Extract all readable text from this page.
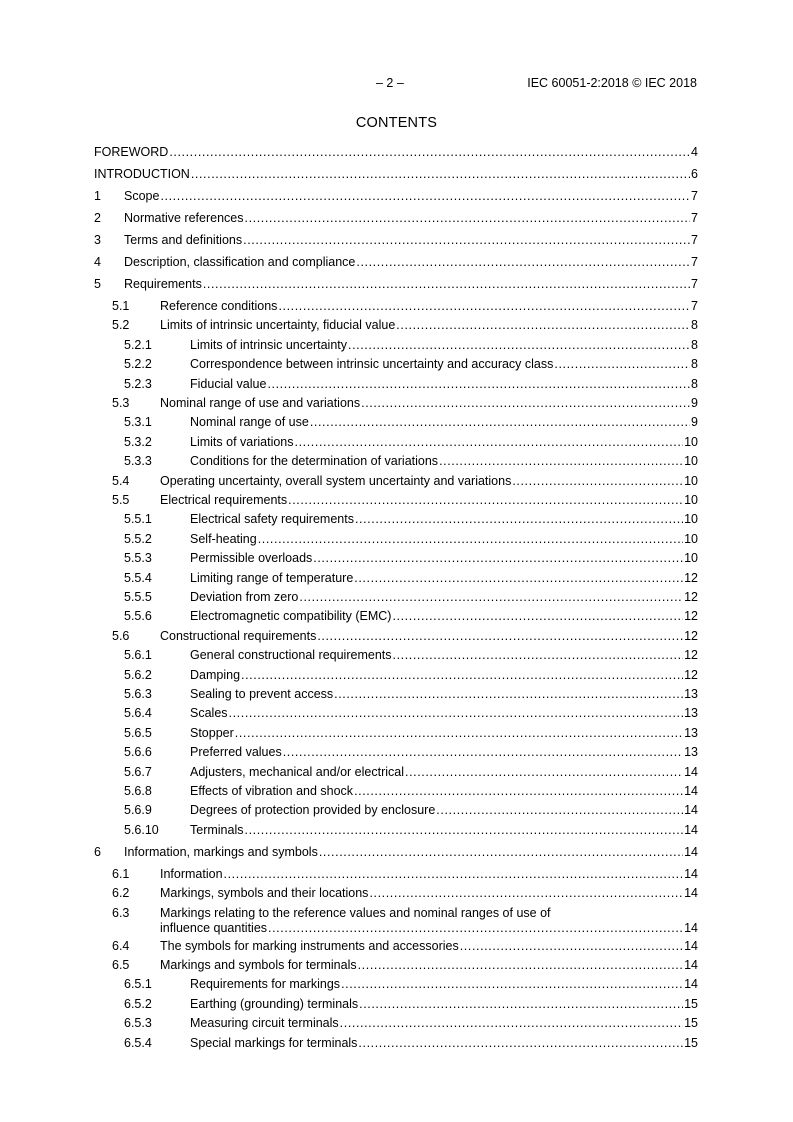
– 2 –	IEC 60051-2:2018 © IEC 2018
CONTENTS
FOREWORD .....	4
INTRODUCTION .....	6
1 Scope .....	7
2 Normative references .....	7
3 Terms and definitions .....	7
4 Description, classification and compliance .....	7
5 Requirements .....	7
5.1 Reference conditions .....	7
5.2 Limits of intrinsic uncertainty, fiducial value .....	8
5.2.1	Limits of intrinsic uncertainty .....	8
5.2.2	Correspondence between intrinsic uncertainty and accuracy class .....	8
5.2.3	Fiducial value .....	8
5.3 Nominal range of use and variations .....	9
5.3.1	Nominal range of use .....	9
5.3.2	Limits of variations .....	10
5.3.3	Conditions for the determination of variations .....	10
5.4 Operating uncertainty, overall system uncertainty and variations .....	10
5.5 Electrical requirements .....	10
5.5.1	Electrical safety requirements .....	10
5.5.2	Self-heating .....	10
5.5.3	Permissible overloads .....	10
5.5.4	Limiting range of temperature .....	12
5.5.5	Deviation from zero .....	12
5.5.6	Electromagnetic compatibility (EMC) .....	12
5.6 Constructional requirements .....	12
5.6.1	General constructional requirements .....	12
5.6.2	Damping .....	12
5.6.3	Sealing to prevent access .....	13
5.6.4	Scales .....	13
5.6.5	Stopper .....	13
5.6.6	Preferred values .....	13
5.6.7	Adjusters, mechanical and/or electrical .....	14
5.6.8	Effects of vibration and shock .....	14
5.6.9	Degrees of protection provided by enclosure .....	14
5.6.10 Terminals .....	14
6 Information, markings and symbols .....	14
6.1 Information .....	14
6.2 Markings, symbols and their locations .....	14
6.3 Markings relating to the reference values and nominal ranges of use of
influence quantities .....	14
6.4 The symbols for marking instruments and accessories .....	14
6.5 Markings and symbols for terminals .....	14
6.5.1	Requirements for markings .....	14
6.5.2	Earthing (grounding) terminals .....	15
6.5.3	Measuring circuit terminals .....	15
6.5.4	Special markings for terminals .....	15
